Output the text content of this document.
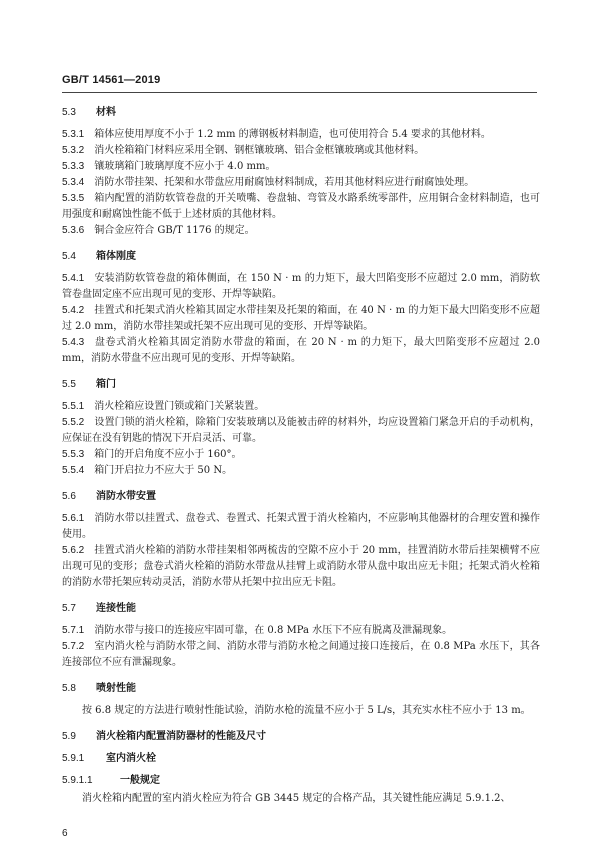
GB/T 14561—2019
5.3	材料

5.3.1 箱体应使用厚度不小于 1.2 mm 的薄钢板材料制造，也可使用符合 5.4 要求的其他材料。

5.3.2 消火栓箱箱门材料应采用全钢、钢框镶玻璃、铝合金框镶玻璃或其他材料。

5.3.3 镶玻璃箱门玻璃厚度不应小于 4.0 mm。

5.3.4 消防水带挂架、托架和水带盘应用耐腐蚀材料制成，若用其他材料应进行耐腐蚀处理。

5.3.5 箱内配置的消防软管卷盘的开关喷嘴、卷盘轴、弯管及水路系统零部件，应用铜合金材料制造，也可用强度和耐腐蚀性能不低于上述材质的其他材料。

5.3.6 铜合金应符合 GB/T 1176 的规定。

5.4	箱体刚度

5.4.1 安装消防软管卷盘的箱体侧面，在 150 N · m 的力矩下，最大凹陷变形不应超过 2.0 mm，消防软管卷盘固定座不应出现可见的变形、开焊等缺陷。

5.4.2 挂置式和托架式消火栓箱其固定水带挂架及托架的箱面，在 40 N · m 的力矩下最大凹陷变形不应超过 2.0 mm，消防水带挂架或托架不应出现可见的变形、开焊等缺陷。

5.4.3 盘卷式消火栓箱其固定消防水带盘的箱面，在 20 N · m 的力矩下，最大凹陷变形不应超过 2.0 mm，消防水带盘不应出现可见的变形、开焊等缺陷。

5.5	箱门

5.5.1 消火栓箱应设置门锁或箱门关紧装置。

5.5.2 设置门锁的消火栓箱，除箱门安装玻璃以及能被击碎的材料外，均应设置箱门紧急开启的手动机构，应保证在没有钥匙的情况下开启灵活、可靠。

5.5.3 箱门的开启角度不应小于 160°。

5.5.4 箱门开启拉力不应大于 50 N。

5.6	消防水带安置

5.6.1 消防水带以挂置式、盘卷式、卷置式、托架式置于消火栓箱内，不应影响其他器材的合理安置和操作使用。

5.6.2 挂置式消火栓箱的消防水带挂架相邻两梳齿的空隙不应小于 20 mm，挂置消防水带后挂架横臂不应出现可见的变形；盘卷式消火栓箱的消防水带盘从挂臂上或消防水带从盘中取出应无卡阻；托架式消火栓箱的消防水带托架应转动灵活，消防水带从托架中拉出应无卡阻。

5.7	连接性能

5.7.1 消防水带与接口的连接应牢固可靠，在 0.8 MPa 水压下不应有脱离及泄漏现象。

5.7.2 室内消火栓与消防水带之间、消防水带与消防水枪之间通过接口连接后，在 0.8 MPa 水压下，其各连接部位不应有泄漏现象。

5.8	喷射性能

按 6.8 规定的方法进行喷射性能试验，消防水枪的流量不应小于 5 L/s，其充实水柱不应小于 13 m。

5.9	消火栓箱内配置消防器材的性能及尺寸
5.9.1	室内消火栓
5.9.1.1	一般规定

消火栓箱内配置的室内消火栓应为符合 GB 3445 规定的合格产品，其关键性能应满足 5.9.1.2、

6
